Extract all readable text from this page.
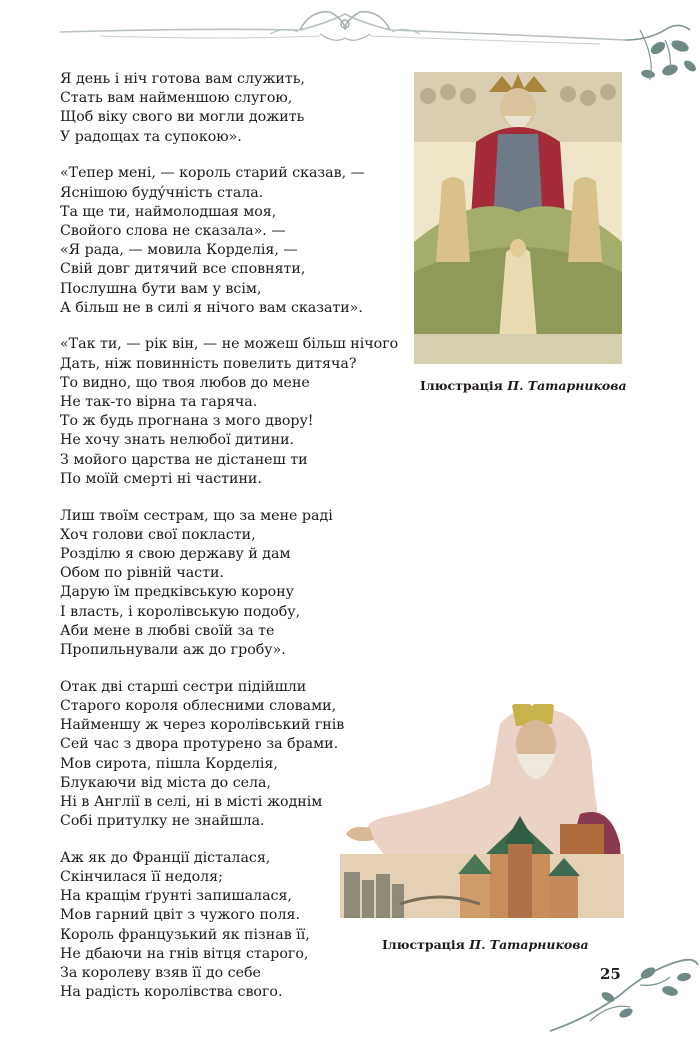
Я день і ніч готова вам служить,
Стать вам найменшою слугою,
Щоб віку свого ви могли дожить
У радощах та супокою».
«Тепер мені, — король старий сказав, —
Яснішою будýчність стала.
Та ще ти, наймолодшая моя,
Свойого слова не сказала». —
«Я рада, — мовила Корделія, —
Свій довг дитячий все сповняти,
Послушна бути вам у всім,
А більш не в силі я нічого вам сказати».
«Так ти, — рік він, — не можеш більш нічого
Дать, ніж повинність повелить дитяча?
То видно, що твоя любов до мене
Не так-то вірна та гаряча.
То ж будь прогнана з мого двору!
Не хочу знать нелюбої дитини.
З мойого царства не дістанеш ти
По моїй смерті ні частини.
Лиш твоїм сестрам, що за мене раді
Хоч голови свої покласти,
Розділю я свою державу й дам
Обом по рівній части.
Дарую їм предківськую корону
І власть, і королівськую подобу,
Аби мене в любві своїй за те
Пропильнували аж до гробу».
Отак дві старші сестри підійшли
Старого короля облесними словами,
Найменшу ж через королівський гнів
Сей час з двора протурено за брами.
Мов сирота, пішла Корделія,
Блукаючи від міста до села,
Ні в Англії в селі, ні в місті жоднім
Собі притулку не знайшла.
Аж як до Франції дісталася,
Скінчилася її недоля;
На кращім ґрунті запишалася,
Мов гарний цвіт з чужого поля.
Король французький як пізнав її,
Не дбаючи на гнів вітця старого,
За королеву взяв її до себе
На радість королівства свого.
Ілюстрація П. Татарникова
Ілюстрація П. Татарникова
25
